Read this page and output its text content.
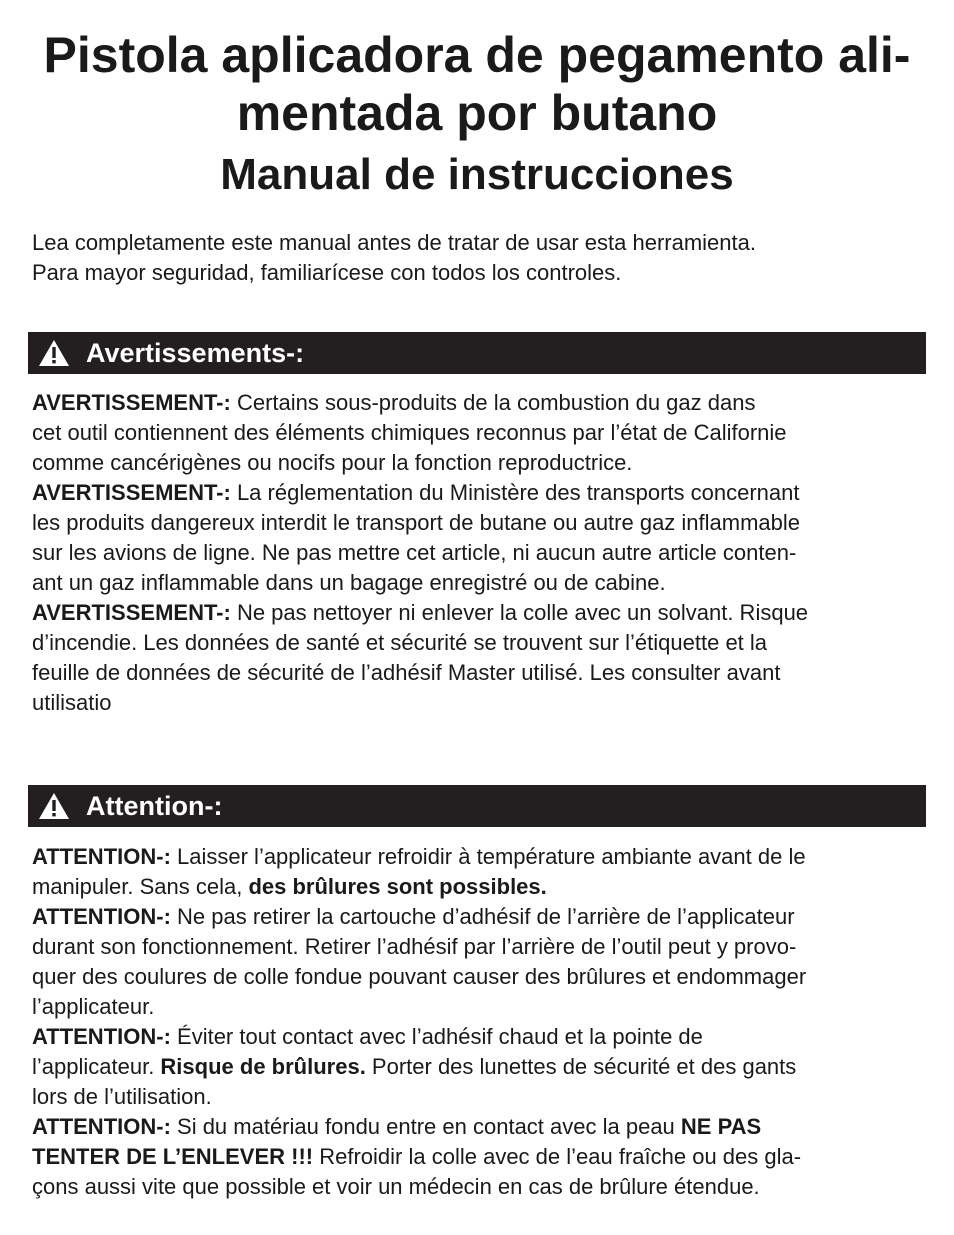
Pistola aplicadora de pegamento ali-
mentada por butano
Manual de instrucciones

Lea completamente este manual antes de tratar de usar esta herramienta.

Para mayor seguridad, familiarícese con todos los controles.

Avertissements-:

AVERTISSEMENT-: Certains sous-produits de la combustion du gaz dans

cet outil contiennent des éléments chimiques reconnus par l’état de Californie

comme cancérigènes ou nocifs pour la fonction reproductrice.

AVERTISSEMENT-: La réglementation du Ministère des transports concernant

les produits dangereux interdit le transport de butane ou autre gaz inflammable

sur les avions de ligne. Ne pas mettre cet article, ni aucun autre article conten-

ant un gaz inflammable dans un bagage enregistré ou de cabine.

AVERTISSEMENT-: Ne pas nettoyer ni enlever la colle avec un solvant. Risque

d’incendie. Les données de santé et sécurité se trouvent sur l’étiquette et la

feuille de données de sécurité de l’adhésif Master utilisé. Les consulter avant

utilisatio

Attention-:

ATTENTION-: Laisser l’applicateur refroidir à température ambiante avant de le

manipuler. Sans cela, des brûlures sont possibles.

ATTENTION-: Ne pas retirer la cartouche d’adhésif de l’arrière de l’applicateur

durant son fonctionnement. Retirer l’adhésif par l’arrière de l’outil peut y provo-

quer des coulures de colle fondue pouvant causer des brûlures et endommager

l’applicateur.

ATTENTION-: Éviter tout contact avec l’adhésif chaud et la pointe de

l’applicateur. Risque de brûlures. Porter des lunettes de sécurité et des gants

lors de l’utilisation.

ATTENTION-: Si du matériau fondu entre en contact avec la peau NE PAS

TENTER DE L’ENLEVER !!! Refroidir la colle avec de l’eau fraîche ou des gla-

çons aussi vite que possible et voir un médecin en cas de brûlure étendue.
